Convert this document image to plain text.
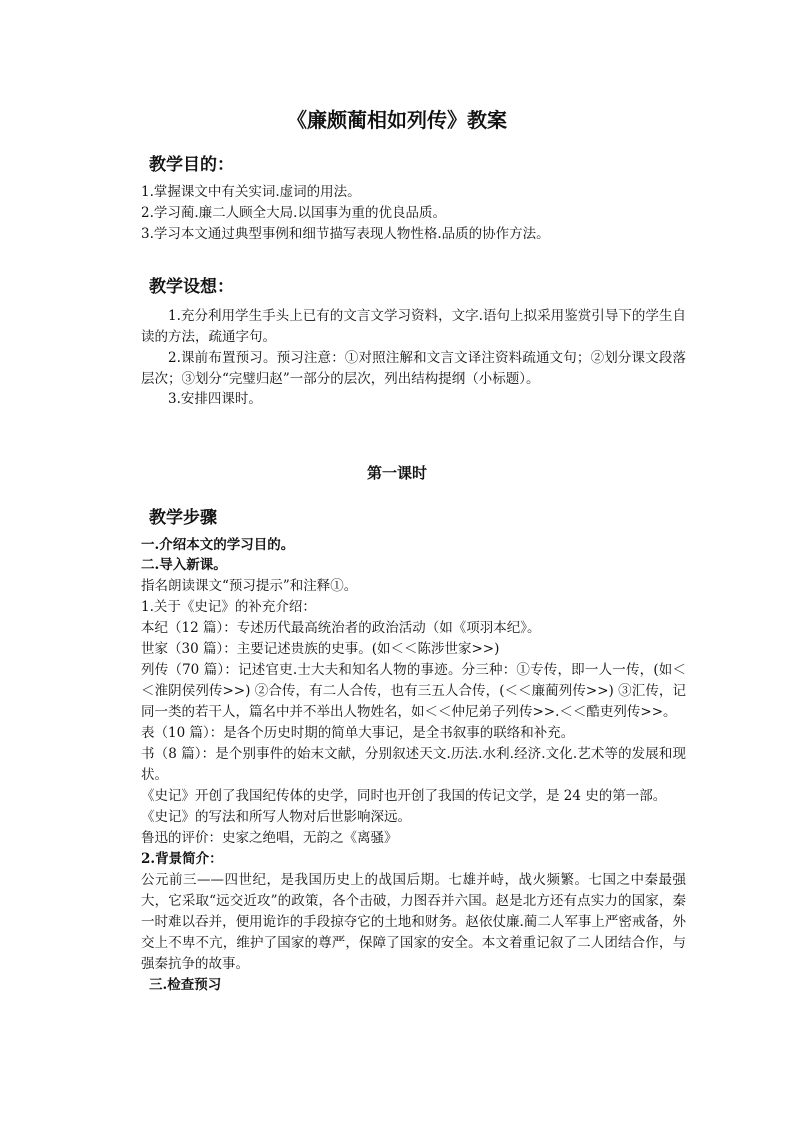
《廉颇蔺相如列传》教案
教学目的：
1.掌握课文中有关实词.虚词的用法。
2.学习蔺.廉二人顾全大局.以国事为重的优良品质。
3.学习本文通过典型事例和细节描写表现人物性格.品质的协作方法。
教学设想：
1.充分利用学生手头上已有的文言文学习资料，文字.语句上拟采用鉴赏引导下的学生自读的方法，疏通字句。
2.课前布置预习。预习注意：①对照注解和文言文译注资料疏通文句；②划分课文段落层次；③划分“完璧归赵”一部分的层次，列出结构提纲（小标题）。
3.安排四课时。
第一课时
教学步骤
一.介绍本文的学习目的。
二.导入新课。
指名朗读课文“预习提示”和注释①。
1.关于《史记》的补充介绍：
本纪（12 篇）：专述历代最高统治者的政治活动（如《项羽本纪》。
世家（30 篇）：主要记述贵族的史事。(如＜＜陈涉世家>>)
列传（70 篇）：记述官吏.士大夫和知名人物的事迹。分三种：①专传，即一人一传，(如＜＜淮阴侯列传>>) ②合传，有二人合传，也有三五人合传，(＜＜廉蔺列传>>) ③汇传，记同一类的若干人，篇名中并不举出人物姓名，如＜＜仲尼弟子列传>>.＜＜酷吏列传>>。
表（10 篇）：是各个历史时期的简单大事记，是全书叙事的联络和补充。
书（8 篇）：是个别事件的始末文献，分别叙述天文.历法.水利.经济.文化.艺术等的发展和现状。
《史记》开创了我国纪传体的史学，同时也开创了我国的传记文学，是 24 史的第一部。
《史记》的写法和所写人物对后世影响深远。
鲁迅的评价：史家之绝唱，无韵之《离骚》
2.背景简介：
公元前三——四世纪，是我国历史上的战国后期。七雄并峙，战火频繁。七国之中秦最强大，它采取“远交近攻”的政策，各个击破，力图吞并六国。赵是北方还有点实力的国家，秦一时难以吞并，便用诡诈的手段掠夺它的土地和财务。赵依仗廉.蔺二人军事上严密戒备，外交上不卑不亢，维护了国家的尊严，保障了国家的安全。本文着重记叙了二人团结合作，与强秦抗争的故事。
三.检查预习
